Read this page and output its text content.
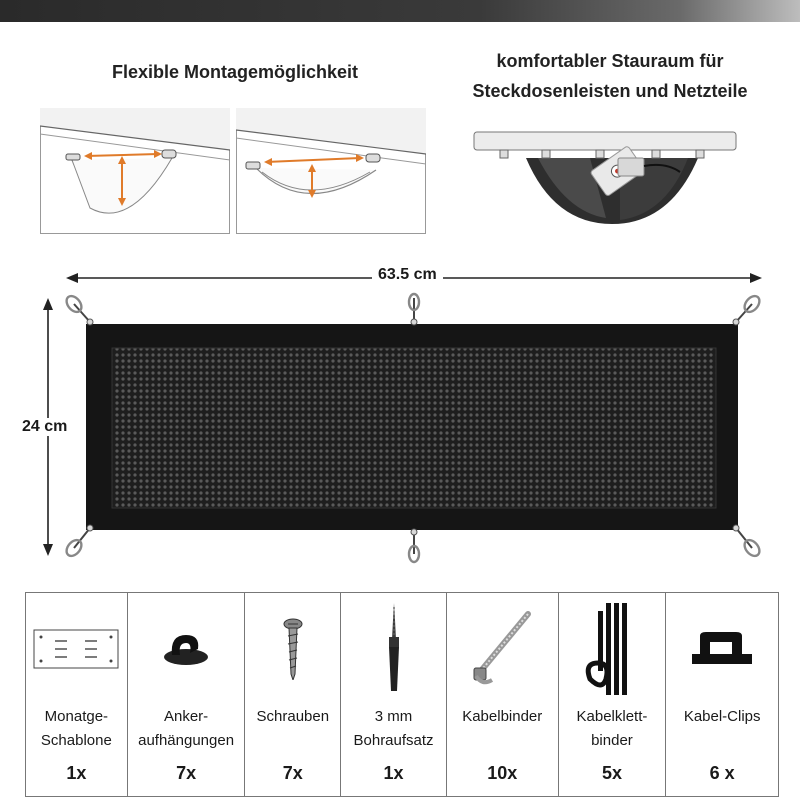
Flexible Montagemöglichkeit
komfortabler Stauraum für
Steckdosenleisten und Netzteile
63.5 cm
24 cm
Monatge-
Schablone
1x
Anker-
aufhängungen
7x
Schrauben
7x
3 mm
Bohraufsatz
1x
Kabelbinder
10x
Kabelklett-
binder
5x
Kabel-Clips
6 x
